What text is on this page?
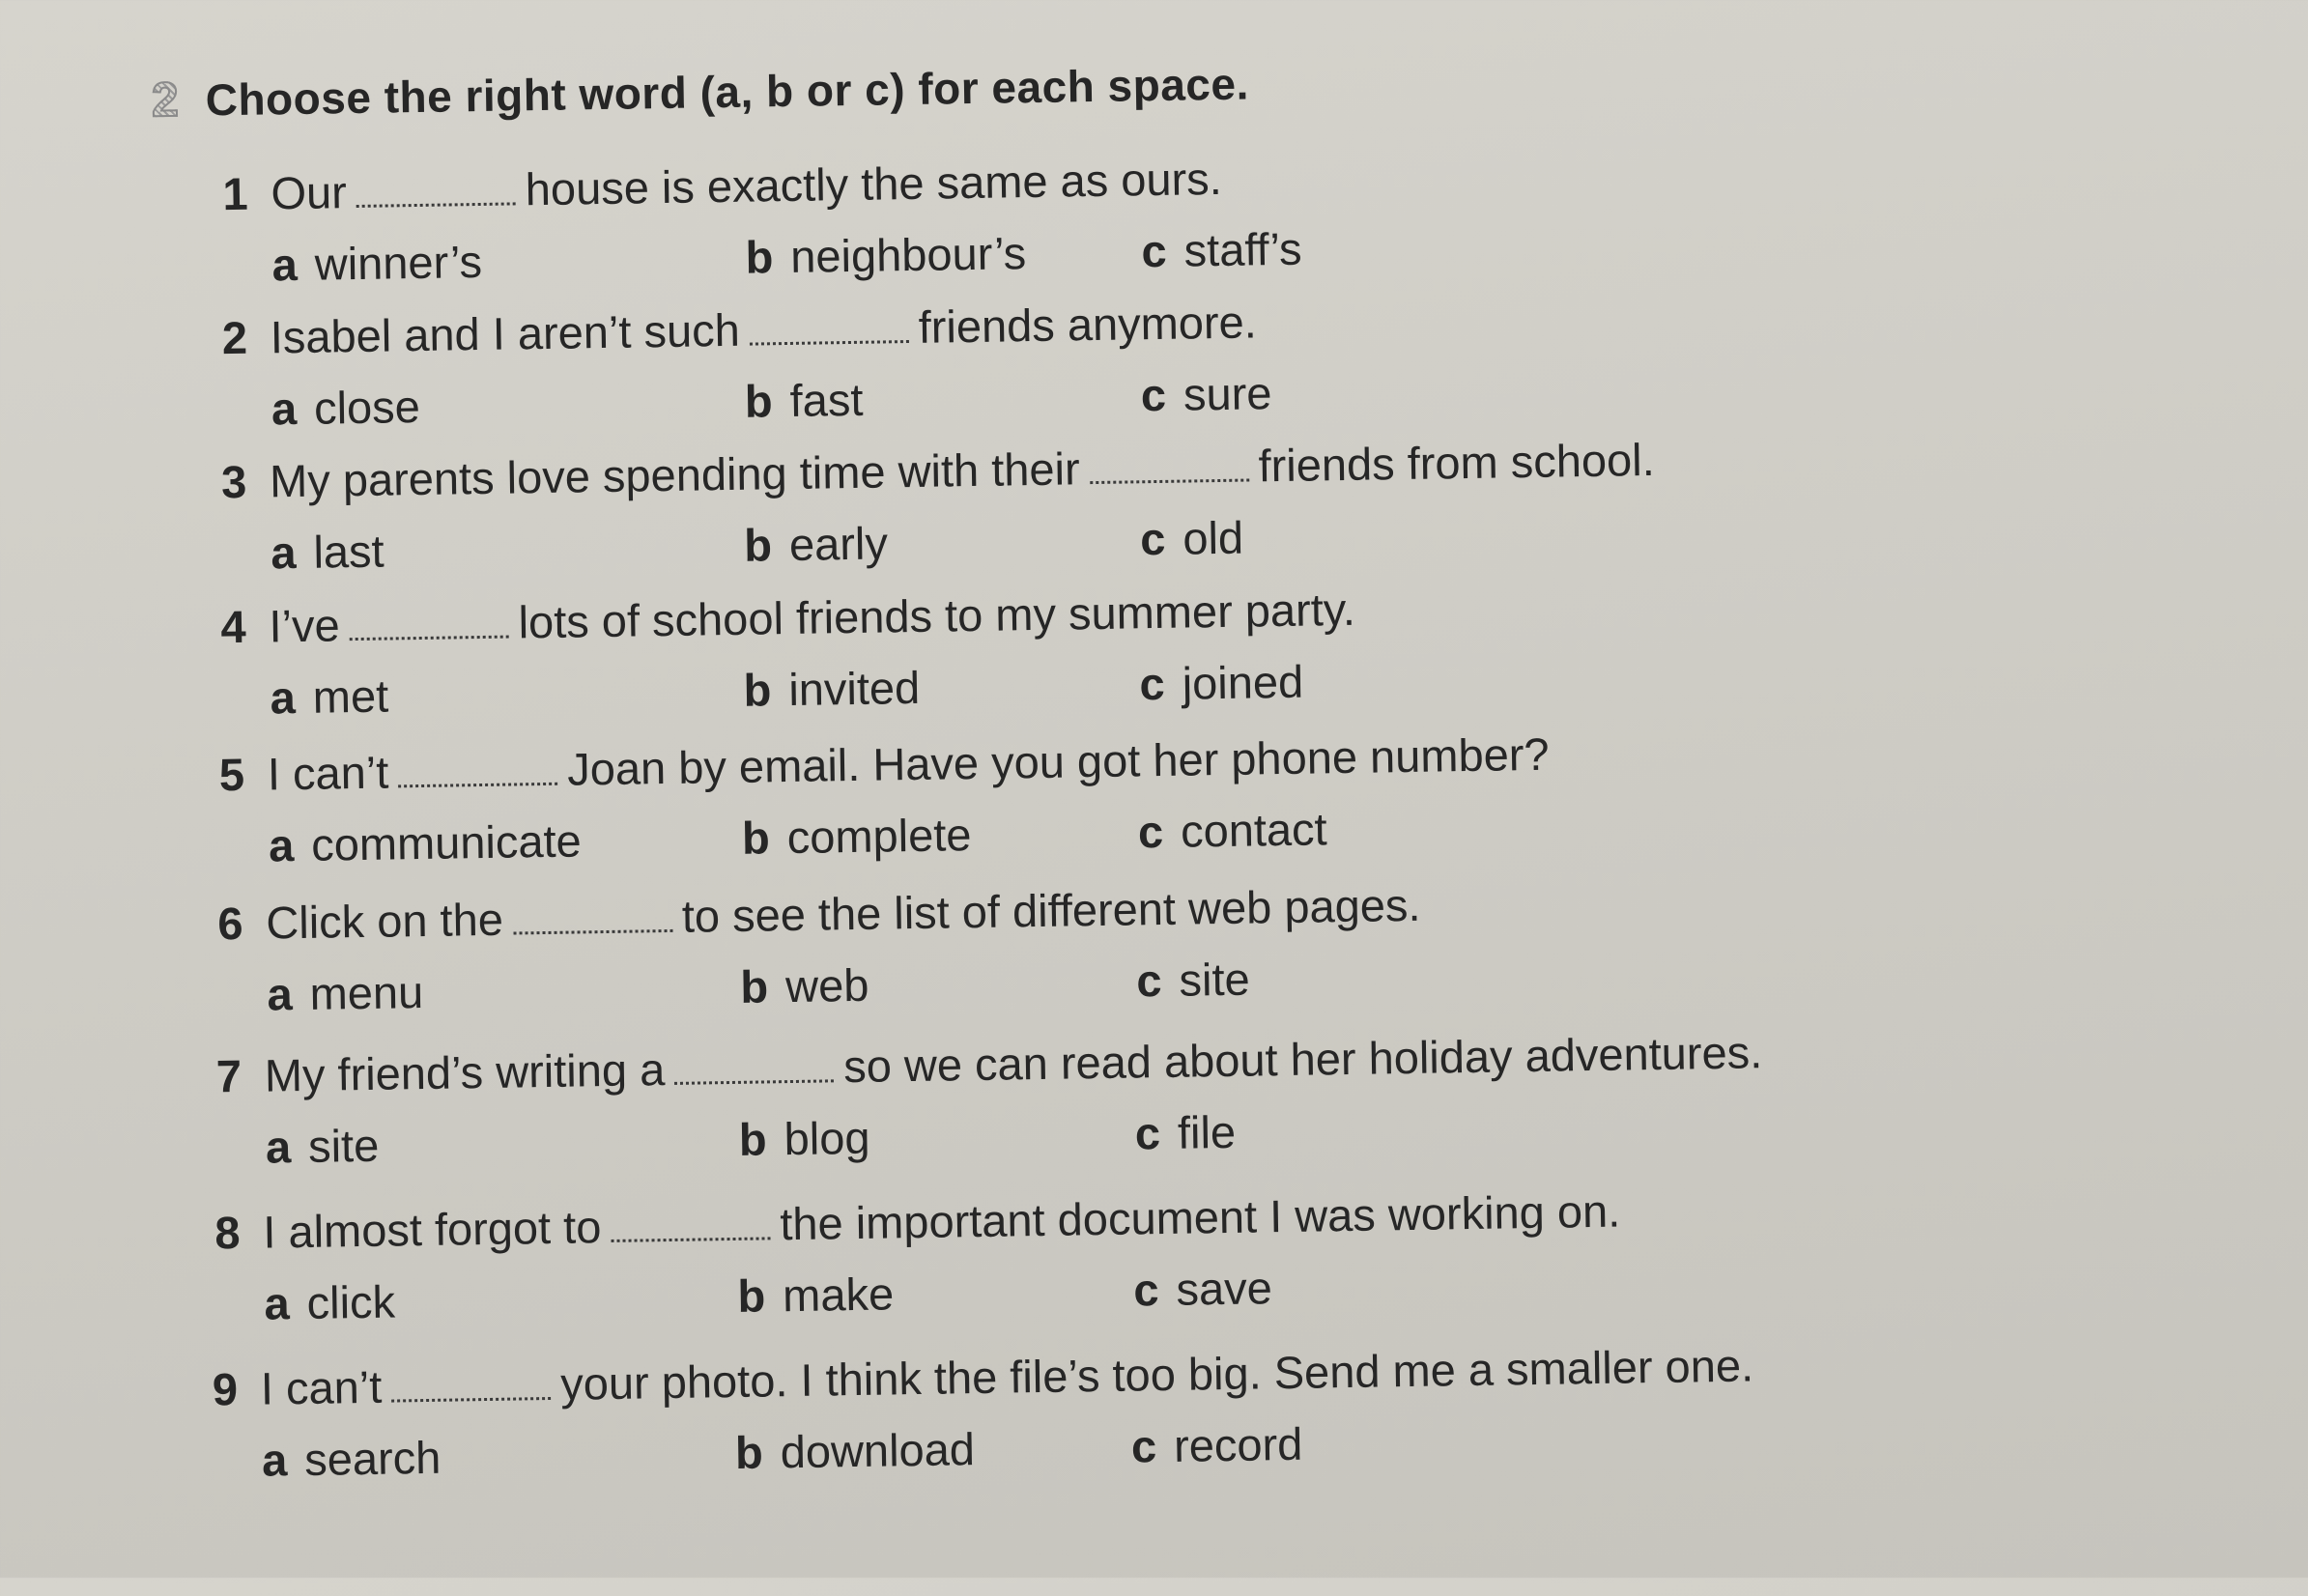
2 Choose the right word (a, b or c) for each space.
1 Our	house is exactly the same as ours.
a winner’s	b neighbour’s	c staff’s
2 Isabel and I aren’t such	friends anymore.
a close	b fast	c sure
3 My parents love spending time with their	friends from school.
a last	b early	c old
4 I’ve	lots of school friends to my summer party.
a met	b invited	c joined
5 I can’t	Joan by email. Have you got her phone number?
a communicate	b complete	c contact
6 Click on the	to see the list of different web pages.
a menu	b web	c site
7 My friend’s writing a	so we can read about her holiday adventures.
a site	b blog	c file
8 I almost forgot to	the important document I was working on.
a click	b make	c save
9 I can’t	your photo. I think the file’s too big. Send me a smaller one.
a search	b download	c record
